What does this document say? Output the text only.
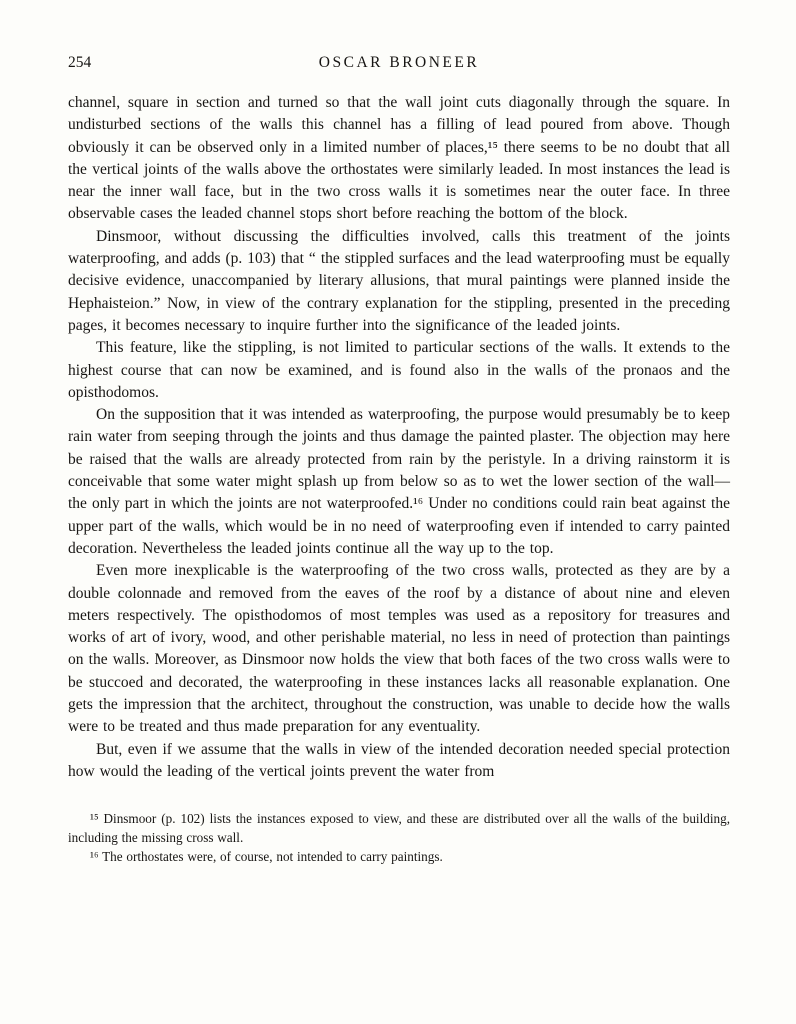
254	OSCAR BRONEER

channel, square in section and turned so that the wall joint cuts diagonally through the square. In undisturbed sections of the walls this channel has a filling of lead poured from above. Though obviously it can be observed only in a limited number of places,¹⁵ there seems to be no doubt that all the vertical joints of the walls above the orthostates were similarly leaded. In most instances the lead is near the inner wall face, but in the two cross walls it is sometimes near the outer face. In three observable cases the leaded channel stops short before reaching the bottom of the block.

Dinsmoor, without discussing the difficulties involved, calls this treatment of the joints waterproofing, and adds (p. 103) that “ the stippled surfaces and the lead waterproofing must be equally decisive evidence, unaccompanied by literary allusions, that mural paintings were planned inside the Hephaisteion.” Now, in view of the contrary explanation for the stippling, presented in the preceding pages, it becomes necessary to inquire further into the significance of the leaded joints.

This feature, like the stippling, is not limited to particular sections of the walls. It extends to the highest course that can now be examined, and is found also in the walls of the pronaos and the opisthodomos.

On the supposition that it was intended as waterproofing, the purpose would presumably be to keep rain water from seeping through the joints and thus damage the painted plaster. The objection may here be raised that the walls are already protected from rain by the peristyle. In a driving rainstorm it is conceivable that some water might splash up from below so as to wet the lower section of the wall—the only part in which the joints are not waterproofed.¹⁶ Under no conditions could rain beat against the upper part of the walls, which would be in no need of waterproofing even if intended to carry painted decoration. Nevertheless the leaded joints continue all the way up to the top.

Even more inexplicable is the waterproofing of the two cross walls, protected as they are by a double colonnade and removed from the eaves of the roof by a distance of about nine and eleven meters respectively. The opisthodomos of most temples was used as a repository for treasures and works of art of ivory, wood, and other perishable material, no less in need of protection than paintings on the walls. Moreover, as Dinsmoor now holds the view that both faces of the two cross walls were to be stuccoed and decorated, the waterproofing in these instances lacks all reasonable explanation. One gets the impression that the architect, throughout the construction, was unable to decide how the walls were to be treated and thus made preparation for any eventuality.

But, even if we assume that the walls in view of the intended decoration needed special protection how would the leading of the vertical joints prevent the water from

¹⁵ Dinsmoor (p. 102) lists the instances exposed to view, and these are distributed over all the walls of the building, including the missing cross wall.

¹⁶ The orthostates were, of course, not intended to carry paintings.
